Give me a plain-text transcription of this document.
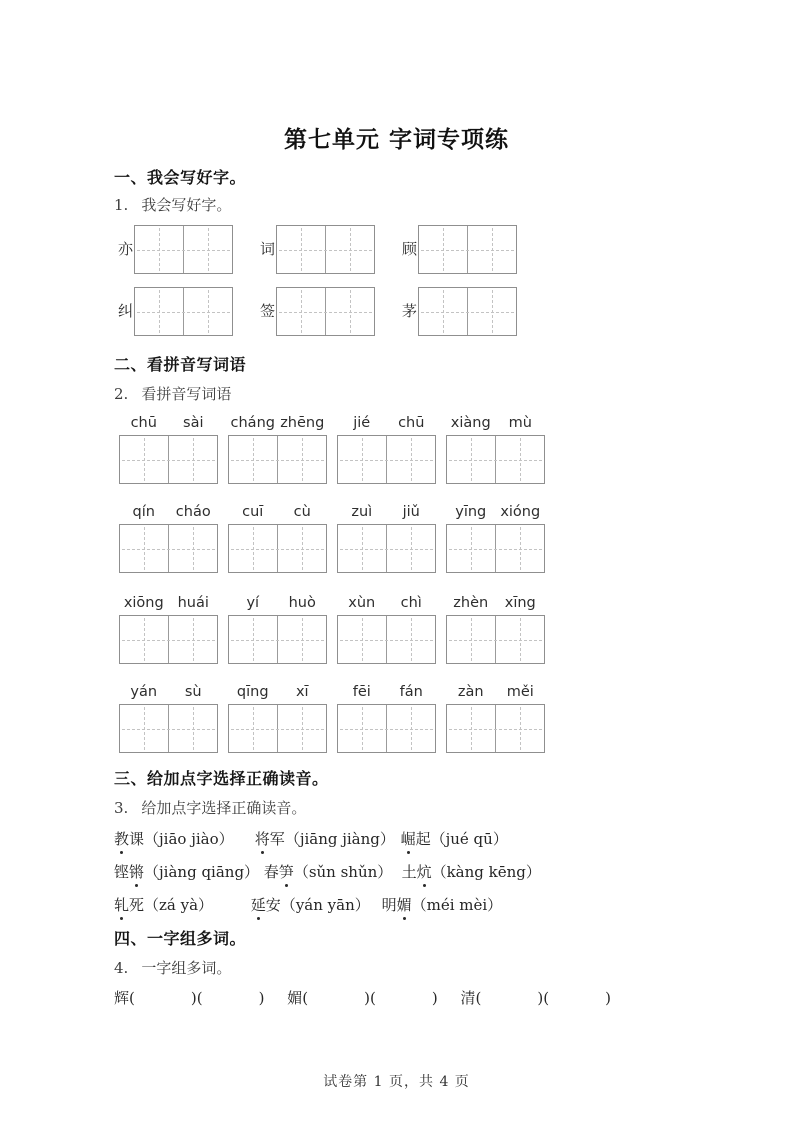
第七单元 字词专项练
一、我会写好字。
1. 我会写好字。
亦	词	顾
纠	签	茅
二、看拼音写词语
2. 看拼音写词语
chū	sài	cháng zhēng	jié	chū	xiàng	mù
qín	cháo	cuī	cù	zuì	jiǔ	yīng xióng
xiōng huái	yí	huò	xùn	chì	zhèn	xīng
yán	sù	qīng	xī	fēi	fán	zàn	měi
三、给加点字选择正确读音。
3. 给加点字选择正确读音。
教课（jiāo jiào） 将军（jiāng jiàng） 崛起（jué qū）
铿锵（jiàng qiāng） 春笋（sǔn shǔn） 土炕（kàng kēng）
轧死（zá yà）	延安（yán yān） 明媚（méi mèi）
四、一字组多词。
4. 一字组多词。
辉 (	)(	)
媚 (	)(	)
清 (	)(	)
试卷第 1 页，共 4 页
